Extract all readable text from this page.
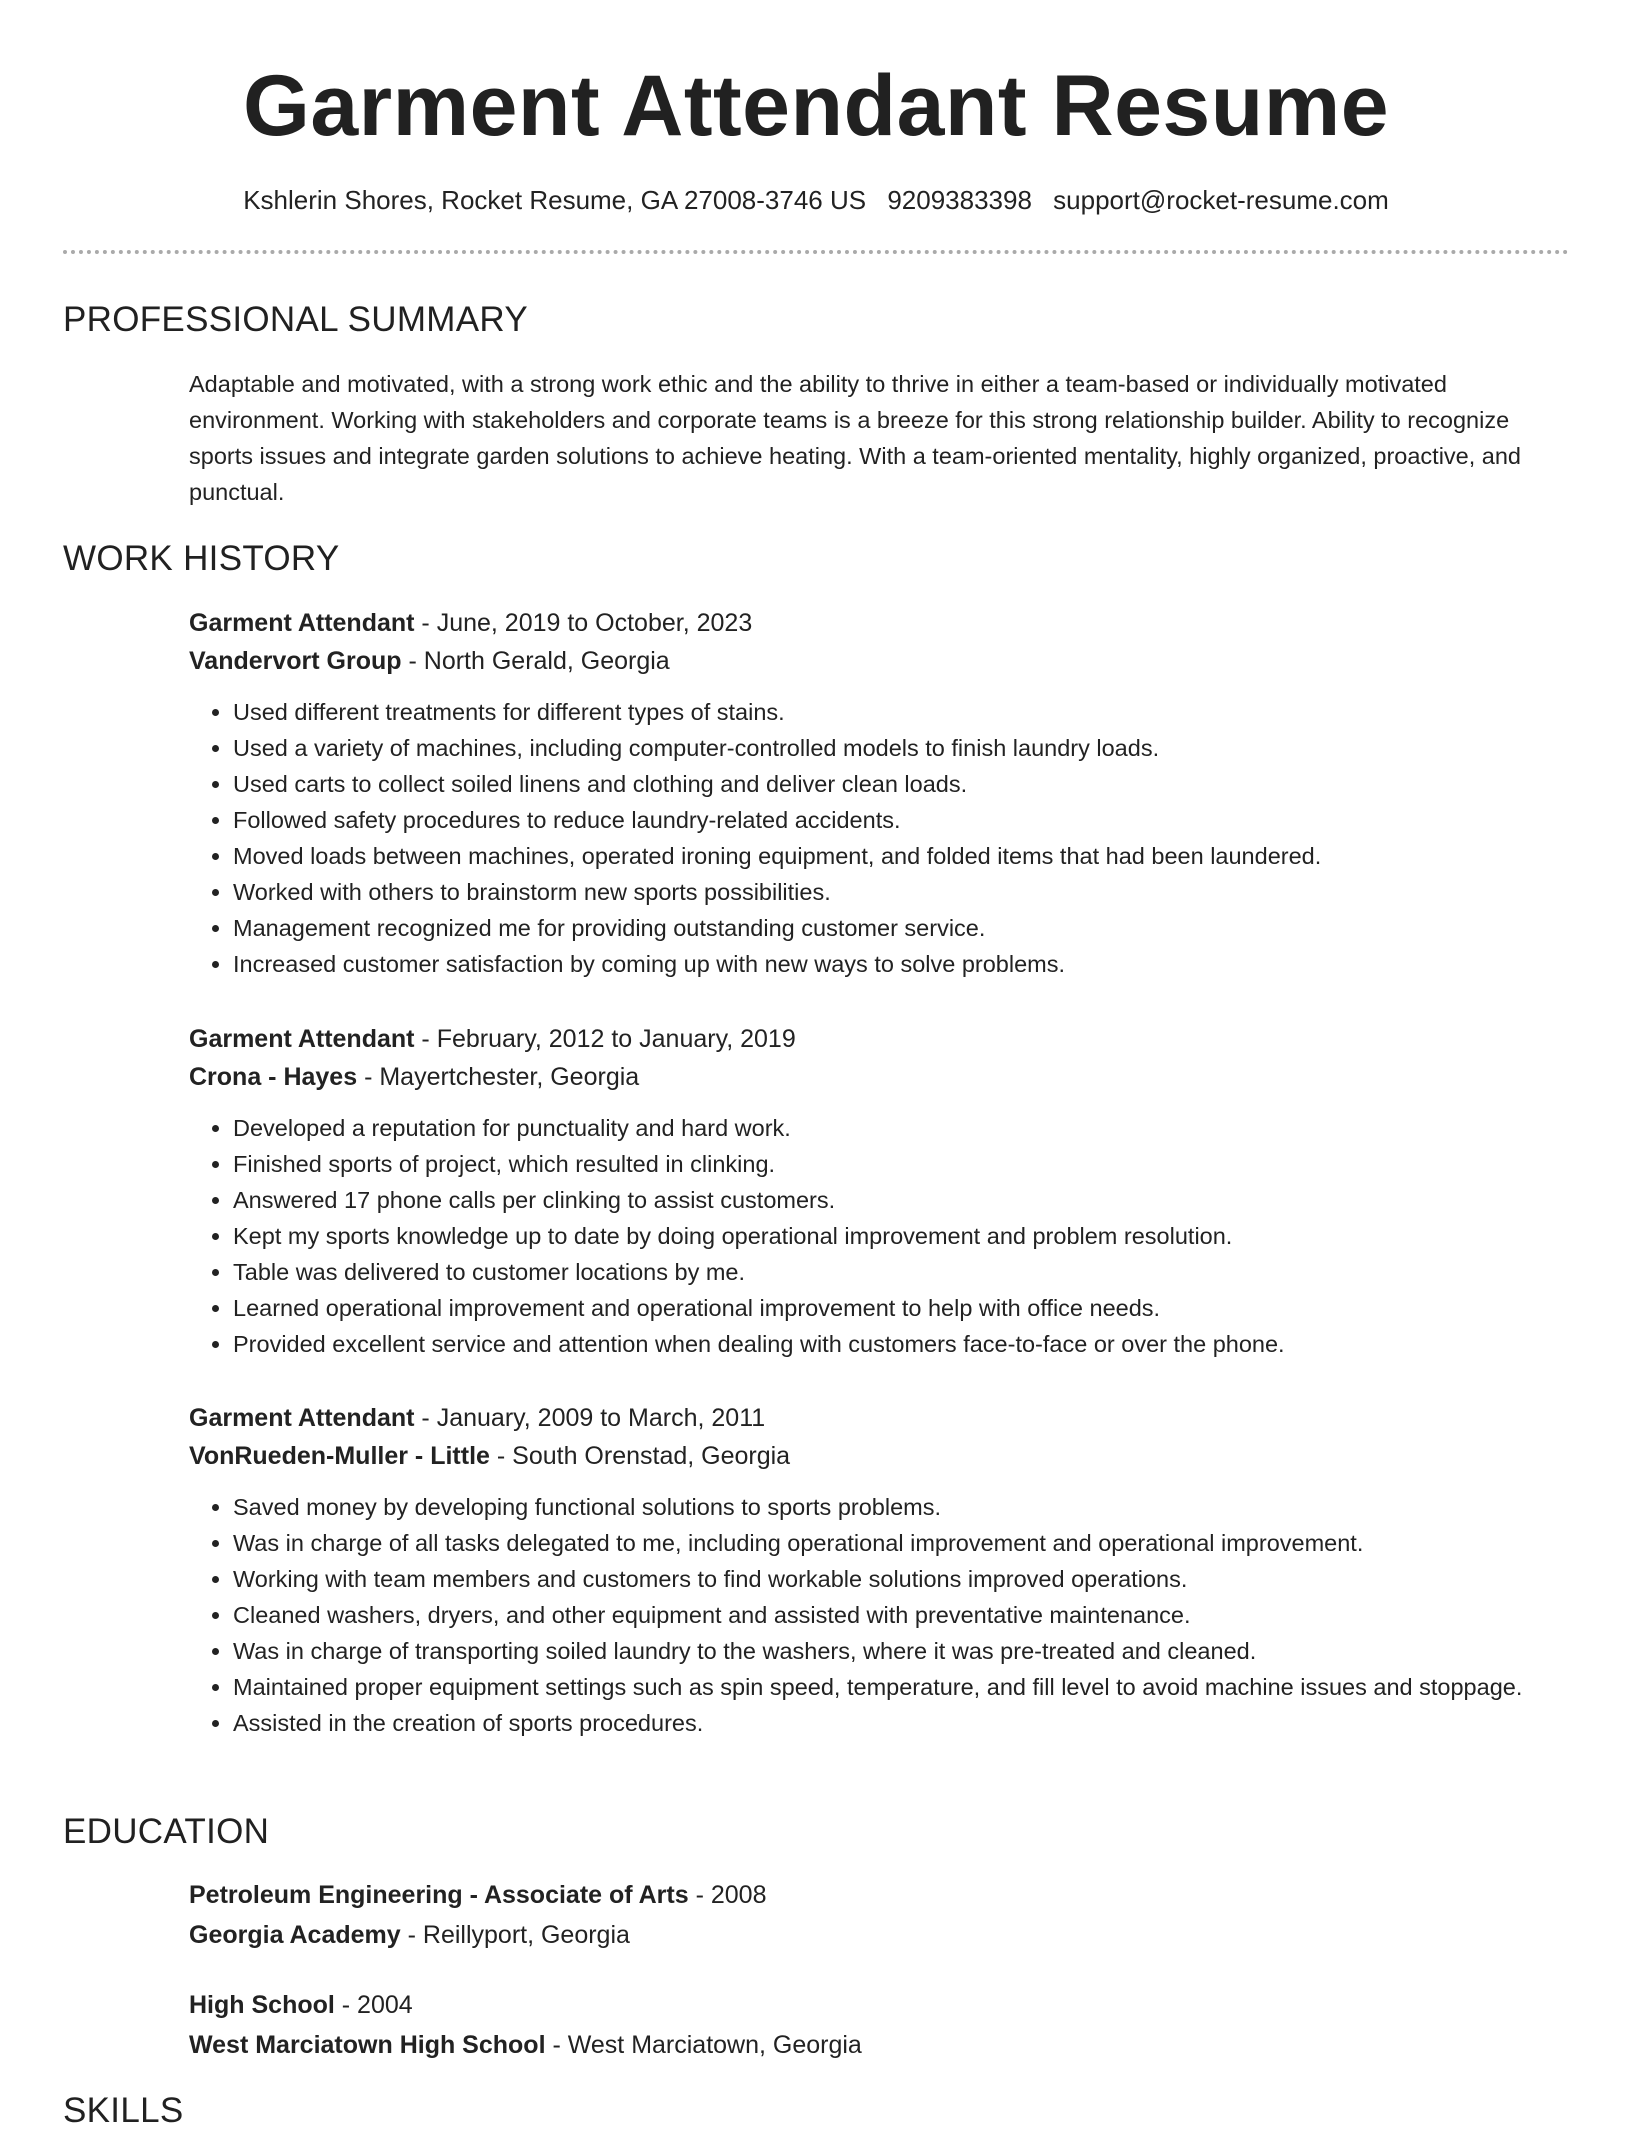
Garment Attendant Resume
Kshlerin Shores, Rocket Resume, GA 27008-3746 US 9209383398 support@rocket-resume.com
PROFESSIONAL SUMMARY

Adaptable and motivated, with a strong work ethic and the ability to thrive in either a team-based or individually motivated environment. Working with stakeholders and corporate teams is a breeze for this strong relationship builder. Ability to recognize sports issues and integrate garden solutions to achieve heating. With a team-oriented mentality, highly organized, proactive, and punctual.

WORK HISTORY

Garment Attendant - June, 2019 to October, 2023

Vandervort Group - North Gerald, Georgia

• Used different treatments for different types of stains.
• Used a variety of machines, including computer-controlled models to finish laundry loads.
• Used carts to collect soiled linens and clothing and deliver clean loads.
• Followed safety procedures to reduce laundry-related accidents.
• Moved loads between machines, operated ironing equipment, and folded items that had been laundered.
• Worked with others to brainstorm new sports possibilities.
• Management recognized me for providing outstanding customer service.
• Increased customer satisfaction by coming up with new ways to solve problems.

Garment Attendant - February, 2012 to January, 2019

Crona - Hayes - Mayertchester, Georgia

• Developed a reputation for punctuality and hard work.
• Finished sports of project, which resulted in clinking.
• Answered 17 phone calls per clinking to assist customers.
• Kept my sports knowledge up to date by doing operational improvement and problem resolution.
• Table was delivered to customer locations by me.
• Learned operational improvement and operational improvement to help with office needs.
• Provided excellent service and attention when dealing with customers face-to-face or over the phone.

Garment Attendant - January, 2009 to March, 2011

VonRueden-Muller - Little - South Orenstad, Georgia

• Saved money by developing functional solutions to sports problems.
• Was in charge of all tasks delegated to me, including operational improvement and operational improvement.
• Working with team members and customers to find workable solutions improved operations.
• Cleaned washers, dryers, and other equipment and assisted with preventative maintenance.
• Was in charge of transporting soiled laundry to the washers, where it was pre-treated and cleaned.
• Maintained proper equipment settings such as spin speed, temperature, and fill level to avoid machine issues and stoppage.
• Assisted in the creation of sports procedures.
EDUCATION

Petroleum Engineering - Associate of Arts - 2008

Georgia Academy - Reillyport, Georgia

High School - 2004

West Marciatown High School - West Marciatown, Georgia

SKILLS
